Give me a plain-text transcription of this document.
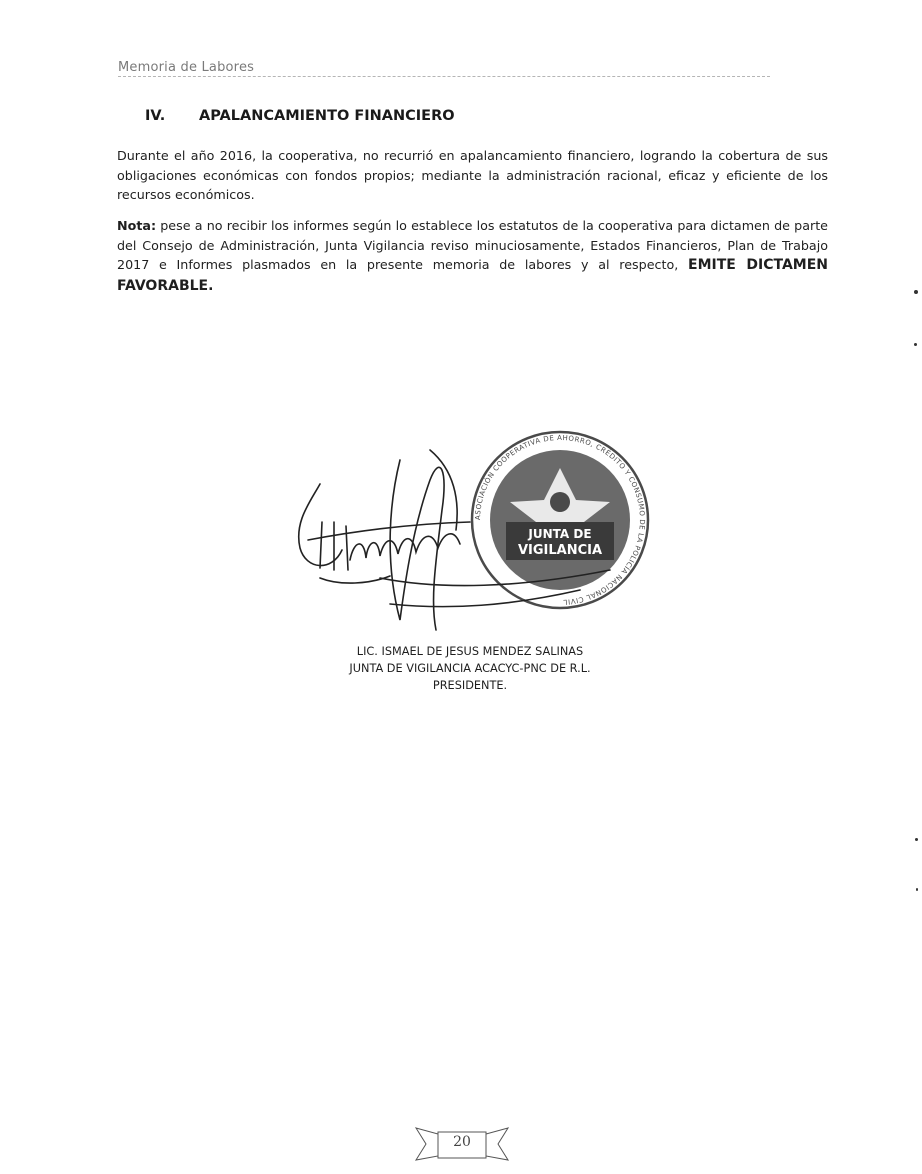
Memoria de Labores
IV. APALANCAMIENTO FINANCIERO
Durante el año 2016, la cooperativa, no recurrió en apalancamiento financiero, logrando la cobertura de sus obligaciones económicas con fondos propios; mediante la administración racional, eficaz y eficiente de los recursos económicos.
Nota: pese a no recibir los informes según lo establece los estatutos de la cooperativa para dictamen de parte del Consejo de Administración, Junta Vigilancia reviso minuciosamente, Estados Financieros, Plan de Trabajo 2017 e Informes plasmados en la presente memoria de labores y al respecto, EMITE DICTAMEN FAVORABLE.
ASOCIACIÓN COOPERATIVA DE AHORRO, CRÉDITO Y CONSUMO DE LA POLICÍA NACIONAL CIVIL
JUNTA DE
VIGILANCIA
LIC. ISMAEL DE JESUS MENDEZ SALINAS
JUNTA DE VIGILANCIA ACACYC-PNC DE R.L.
PRESIDENTE.
20
